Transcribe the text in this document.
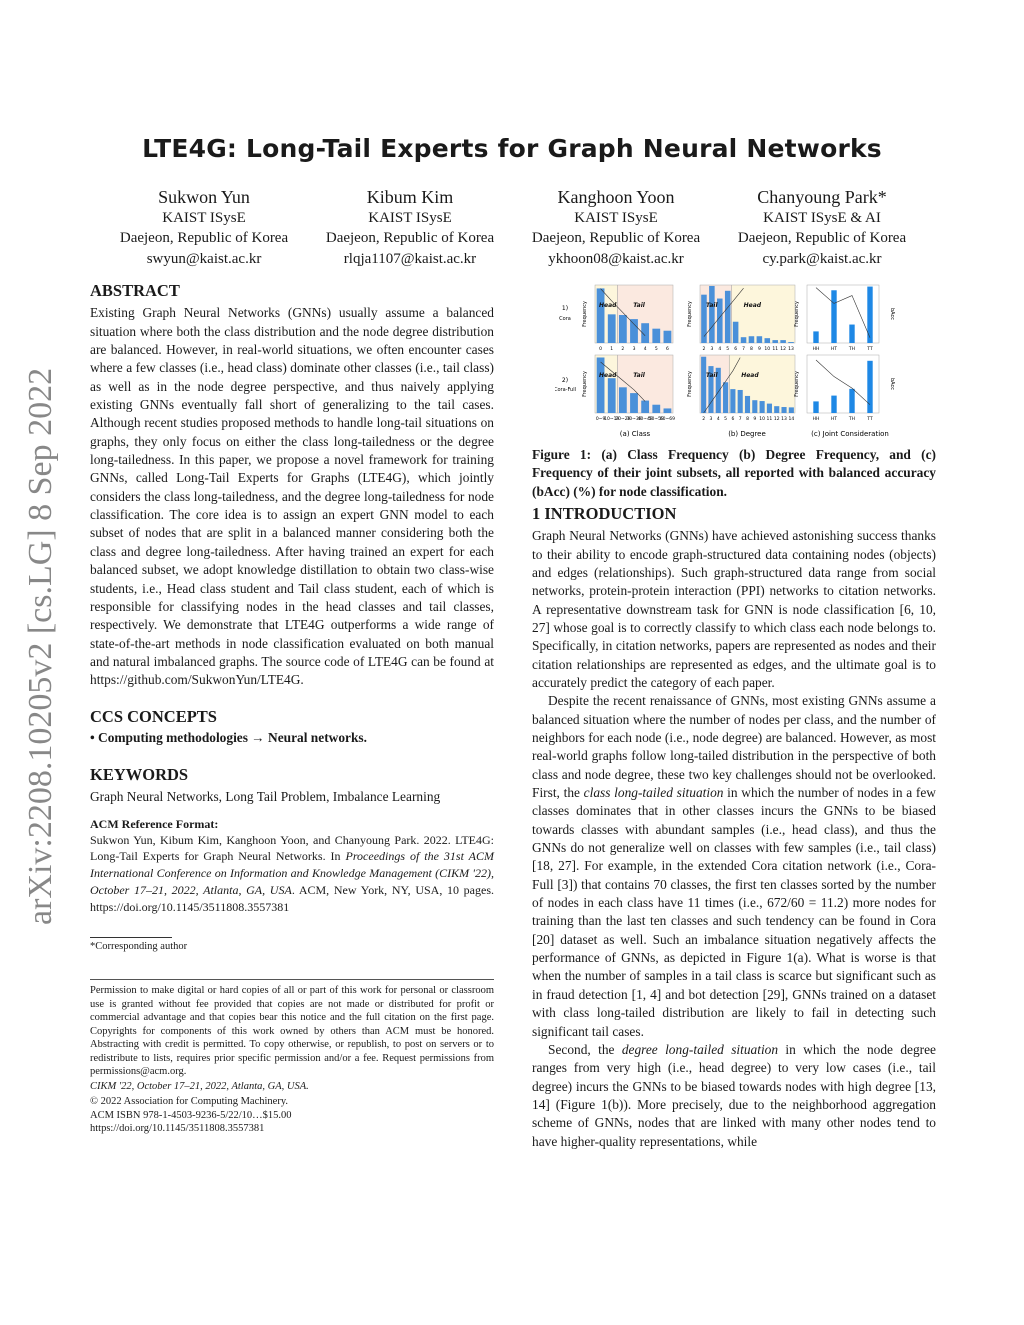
LTE4G: Long-Tail Experts for Graph Neural Networks
Sukwon Yun
KAIST ISysE
Daejeon, Republic of Korea
swyun@kaist.ac.kr
Kibum Kim
KAIST ISysE
Daejeon, Republic of Korea
rlqja1107@kaist.ac.kr
Kanghoon Yoon
KAIST ISysE
Daejeon, Republic of Korea
ykhoon08@kaist.ac.kr
Chanyoung Park*
KAIST ISysE & AI
Daejeon, Republic of Korea
cy.park@kaist.ac.kr
arXiv:2208.10205v2 [cs.LG] 8 Sep 2022

ABSTRACT

Existing Graph Neural Networks (GNNs) usually assume a balanced situation where both the class distribution and the node degree distribution are balanced. However, in real-world situations, we often encounter cases where a few classes (i.e., head class) dominate other classes (i.e., tail class) as well as in the node degree perspective, and thus naively applying existing GNNs eventually fall short of generalizing to the tail cases. Although recent studies proposed methods to handle long-tail situations on graphs, they only focus on either the class long-tailedness or the degree long-tailedness. In this paper, we propose a novel framework for training GNNs, called Long-Tail Experts for Graphs (LTE4G), which jointly considers the class long-tailedness, and the degree long-tailedness for node classification. The core idea is to assign an expert GNN model to each subset of nodes that are split in a balanced manner considering both the class and degree long-tailedness. After having trained an expert for each balanced subset, we adopt knowledge distillation to obtain two class-wise students, i.e., Head class student and Tail class student, each of which is responsible for classifying nodes in the head classes and tail classes, respectively. We demonstrate that LTE4G outperforms a wide range of state-of-the-art methods in node classification evaluated on both manual and natural imbalanced graphs. The source code of LTE4G can be found at https://github.com/SukwonYun/LTE4G.

CCS CONCEPTS

• Computing methodologies → Neural networks.

KEYWORDS

Graph Neural Networks, Long Tail Problem, Imbalance Learning

ACM Reference Format:

Sukwon Yun, Kibum Kim, Kanghoon Yoon, and Chanyoung Park. 2022. LTE4G: Long-Tail Experts for Graph Neural Networks. In Proceedings of the 31st ACM International Conference on Information and Knowledge Management (CIKM '22), October 17–21, 2022, Atlanta, GA, USA. ACM, New York, NY, USA, 10 pages. https://doi.org/10.1145/3511808.3557381

*Corresponding author

Permission to make digital or hard copies of all or part of this work for personal or classroom use is granted without fee provided that copies are not made or distributed for profit or commercial advantage and that copies bear this notice and the full citation on the first page. Copyrights for components of this work owned by others than ACM must be honored. Abstracting with credit is permitted. To copy otherwise, or republish, to post on servers or to redistribute to lists, requires prior specific permission and/or a fee. Request permissions from permissions@acm.org.

CIKM '22, October 17–21, 2022, Atlanta, GA, USA.

© 2022 Association for Computing Machinery.

ACM ISBN 978-1-4503-9236-5/22/10…$15.00

https://doi.org/10.1145/3511808.3557381

0 1 2 3 4 5 6
Head	Tail
Frequency
2 3 4 5 6 7 8 9 10 11 12 13
Head
Tail
Frequency
HH	HT	TH	TT
Frequency	bAcc
0~9
10~19
20~29
30~39
40~49
50~59
60~69
Head	Tail
Frequency
2 3 4 5 6 7 8 9 10 11 12 13 14
Head
Tail
Frequency
HH	HT	TH	TT
Frequency	bAcc
1)
Cora
2)
Cora-Full
(a) Class	(b) Degree	(c) Joint Consideration

Figure 1: (a) Class Frequency (b) Degree Frequency, and (c) Frequency of their joint subsets, all reported with balanced accuracy (bAcc) (%) for node classification.

1 INTRODUCTION

Graph Neural Networks (GNNs) have achieved astonishing success thanks to their ability to encode graph-structured data containing nodes (objects) and edges (relationships). Such graph-structured data range from social networks, protein-protein interaction (PPI) networks to citation networks. A representative downstream task for GNN is node classification [6, 10, 27] whose goal is to correctly classify to which class each node belongs to. Specifically, in citation networks, papers are represented as nodes and their citation relationships are represented as edges, and the ultimate goal is to accurately predict the category of each paper.

Despite the recent renaissance of GNNs, most existing GNNs assume a balanced situation where the number of nodes per class, and the number of neighbors for each node (i.e., node degree) are balanced. However, as most real-world graphs follow long-tailed distribution in the perspective of both class and node degree, these two key challenges should not be overlooked. First, the class long-tailed situation in which the number of nodes in a few classes dominates that in other classes incurs the GNNs to be biased towards classes with abundant samples (i.e., head class), and thus the GNNs do not generalize well on classes with few samples (i.e., tail class) [18, 27]. For example, in the extended Cora citation network (i.e., Cora-Full [3]) that contains 70 classes, the first ten classes sorted by the number of nodes in each class have 11 times (i.e., 672/60 = 11.2) more nodes for training than the last ten classes and such tendency can be found in Cora [20] dataset as well. Such an imbalance situation negatively affects the performance of GNNs, as depicted in Figure 1(a). What is worse is that when the number of samples in a tail class is scarce but significant such as in fraud detection [1, 4] and bot detection [29], GNNs trained on a dataset with class long-tailed distribution are likely to fail in detecting such significant tail cases.

Second, the degree long-tailed situation in which the node degree ranges from very high (i.e., head degree) to very low cases (i.e., tail degree) incurs the GNNs to be biased towards nodes with high degree [13, 14] (Figure 1(b)). More precisely, due to the neighborhood aggregation scheme of GNNs, nodes that are linked with many other nodes tend to have higher-quality representations, while
